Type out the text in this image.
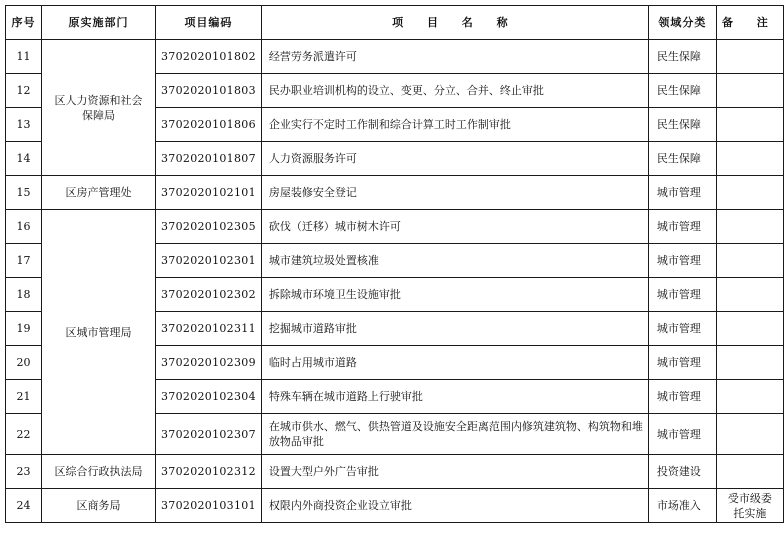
序号	原实施部门	项目编码	项 目 名 称	领域分类	备 注
11	区人力资源和社会保障局	3702020101802	经营劳务派遣许可	民生保障	
12		3702020101803	民办职业培训机构的设立、变更、分立、合并、终止审批	民生保障	
13		3702020101806	企业实行不定时工作制和综合计算工时工作制审批	民生保障	
14		3702020101807	人力资源服务许可	民生保障	
15	区房产管理处	3702020102101	房屋装修安全登记	城市管理	
16	区城市管理局	3702020102305	砍伐（迁移）城市树木许可	城市管理	
17		3702020102301	城市建筑垃圾处置核准	城市管理	
18		3702020102302	拆除城市环境卫生设施审批	城市管理	
19		3702020102311	挖掘城市道路审批	城市管理	
20		3702020102309	临时占用城市道路	城市管理	
21		3702020102304	特殊车辆在城市道路上行驶审批	城市管理	
22		3702020102307	在城市供水、燃气、供热管道及设施安全距离范围内修筑建筑物、构筑物和堆放物品审批	城市管理	
23	区综合行政执法局	3702020102312	设置大型户外广告审批	投资建设	
24	区商务局	3702020103101	权限内外商投资企业设立审批	市场准入	受市级委托实施
